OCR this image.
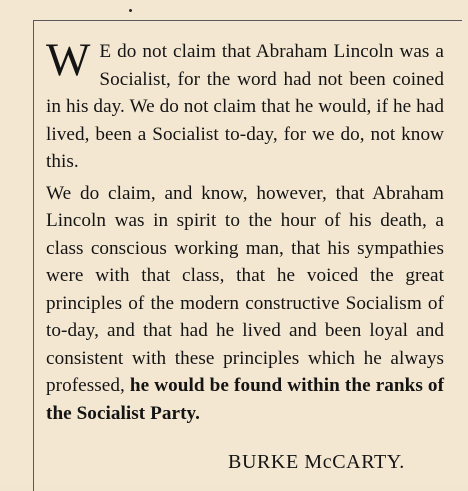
W E do not claim that Abraham Lincoln was a Socialist, for the word had not been coined in his day. We do not claim that he would, if he had lived, been a Socialist to-day, for we do, not know this.

We do claim, and know, however, that Abraham Lincoln was in spirit to the hour of his death, a class conscious working man, that his sympathies were with that class, that he voiced the great principles of the modern constructive Socialism of to-day, and that had he lived and been loyal and consistent with these principles which he always professed, he would be found within the ranks of the Socialist Party.

BURKE McCARTY.
